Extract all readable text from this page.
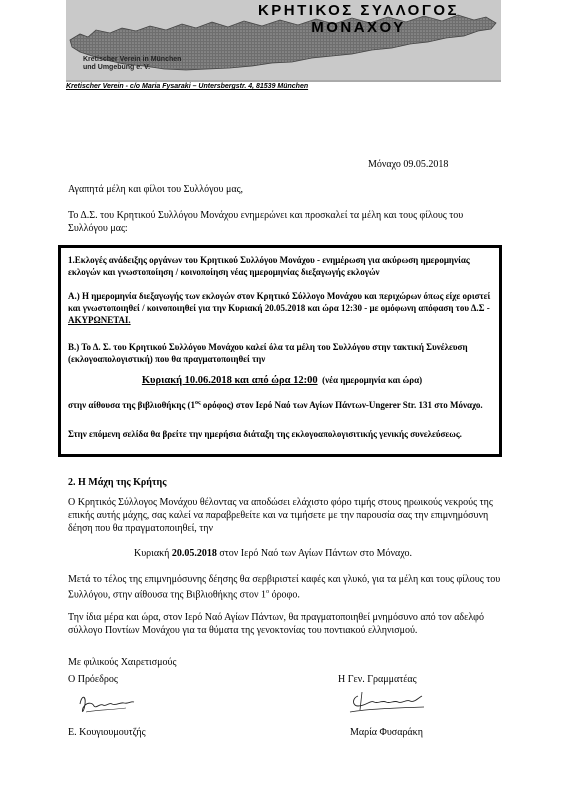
ΚΡΗΤΙΚΟΣ ΣΥΛΛΟΓΟΣ ΜΟΝΑΧΟΥ
Kretischer Verein in München
und Umgebung e. V.
Kretischer Verein - c/o Maria Fysaraki – Untersbergstr. 4, 81539 München
Μόναχο 09.05.2018
Αγαπητά μέλη και φίλοι του Συλλόγου μας,
Το Δ.Σ. του Κρητικού Συλλόγου Μονάχου ενημερώνει και προσκαλεί τα μέλη και τους φίλους του Συλλόγου μας:

1.Εκλογές ανάδειξης οργάνων του Κρητικού Συλλόγου Μονάχου - ενημέρωση για ακύρωση ημερομηνίας εκλογών και γνωστοποίηση / κοινοποίηση νέας ημερομηνίας διεξαγωγής εκλογών

Α.) Η ημερομηνία διεξαγωγής των εκλογών στον Κρητικό Σύλλογο Μονάχου και περιχώρων όπως είχε οριστεί και γνωστοποιηθεί / κοινοποιηθεί για την Κυριακή 20.05.2018 και ώρα 12:30 - με ομόφωνη απόφαση του Δ.Σ - ΑΚΥΡΩΝΕΤΑΙ.

Β.) Το Δ. Σ. του Κρητικού Συλλόγου Μονάχου καλεί όλα τα μέλη του Συλλόγου στην τακτική Συνέλευση (εκλογοαπολογιστική) που θα πραγματοποιηθεί την

Κυριακή 10.06.2018 και από ώρα 12:00 (νέα ημερομηνία και ώρα)

στην αίθουσα της βιβλιοθήκης ($1^{o\varsigma}$ ορόφος) στον Ιερό Ναό των Αγίων Πάντων-Ungerer Str. 131 στο Μόναχο.

Στην επόμενη σελίδα θα βρείτε την ημερήσια διάταξη της εκλογοαπολογισιτικής γενικής συνελεύσεως.

2. Η Μάχη της Κρήτης
Ο Κρητικός Σύλλογος Μονάχου θέλοντας να αποδώσει ελάχιστο φόρο τιμής στους ηρωικούς νεκρούς της επικής αυτής μάχης, σας καλεί να παραβρεθείτε και να τιμήσετε με την παρουσία σας την επιμνημόσυνη δέηση που θα πραγματοποιηθεί, την
Κυριακή 20.05.2018 στον Ιερό Ναό των Αγίων Πάντων στο Μόναχο.
Μετά το τέλος της επιμνημόσυνης δέησης θα σερβιριστεί καφές και γλυκό, για τα μέλη και τους φίλους του Συλλόγου, στην αίθουσα της Βιβλιοθήκης στον $1^o$ όροφο.
Την ίδια μέρα και ώρα, στον Ιερό Ναό Αγίων Πάντων, θα πραγματοποιηθεί μνημόσυνο από τον αδελφό σύλλογο Ποντίων Μονάχου για τα θύματα της γενοκτονίας του ποντιακού ελληνισμού.
Με φιλικούς Χαιρετισμούς
Ο Πρόεδρος	Η Γεν. Γραμματέας
Ε. Κουγιουμουτζής	Μαρία Φυσαράκη
